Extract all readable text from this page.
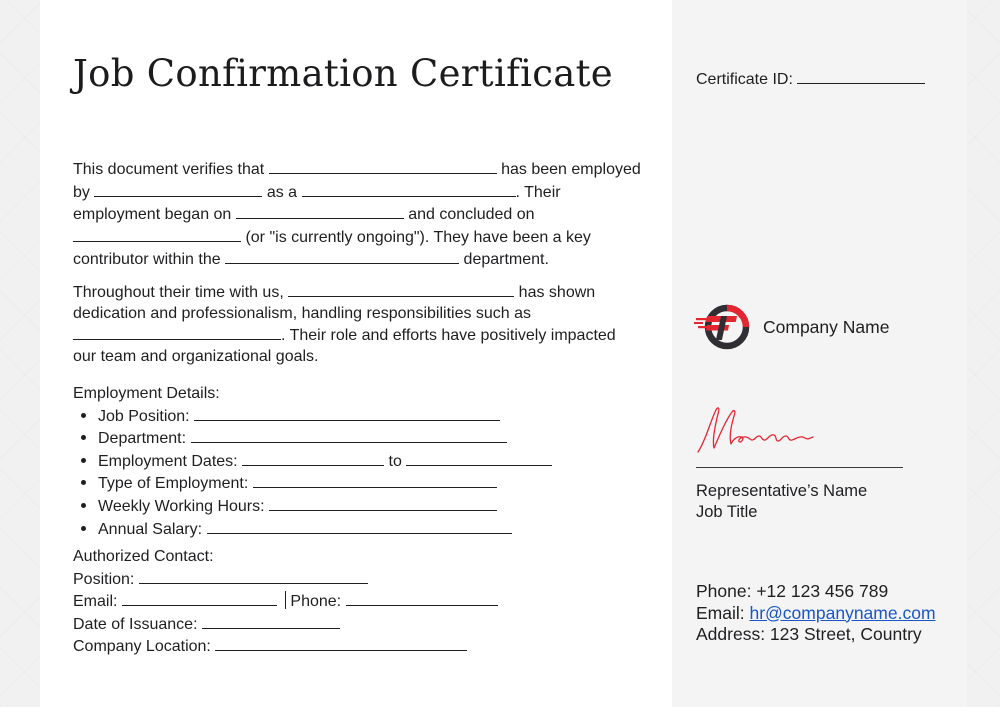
Job Confirmation Certificate
This document verifies that	has been employed by	as a	. Their employment began on	and concluded on  (or "is currently ongoing"). They have been a key contributor within the	department.
Throughout their time with us,	has shown dedication and professionalism, handling responsibilities such as . Their role and efforts have positively impacted our team and organizational goals.
Employment Details:
Job Position:
Department:
Employment Dates:	to
Type of Employment:
Weekly Working Hours:
Annual Salary:
Authorized Contact:
Position:
Email:	Phone:
Date of Issuance:
Company Location:
Certificate ID:
Company Name
Representative’s Name
Job Title
Phone: +12 123 456 789
Email: hr@companyname.com
Address: 123 Street, Country
